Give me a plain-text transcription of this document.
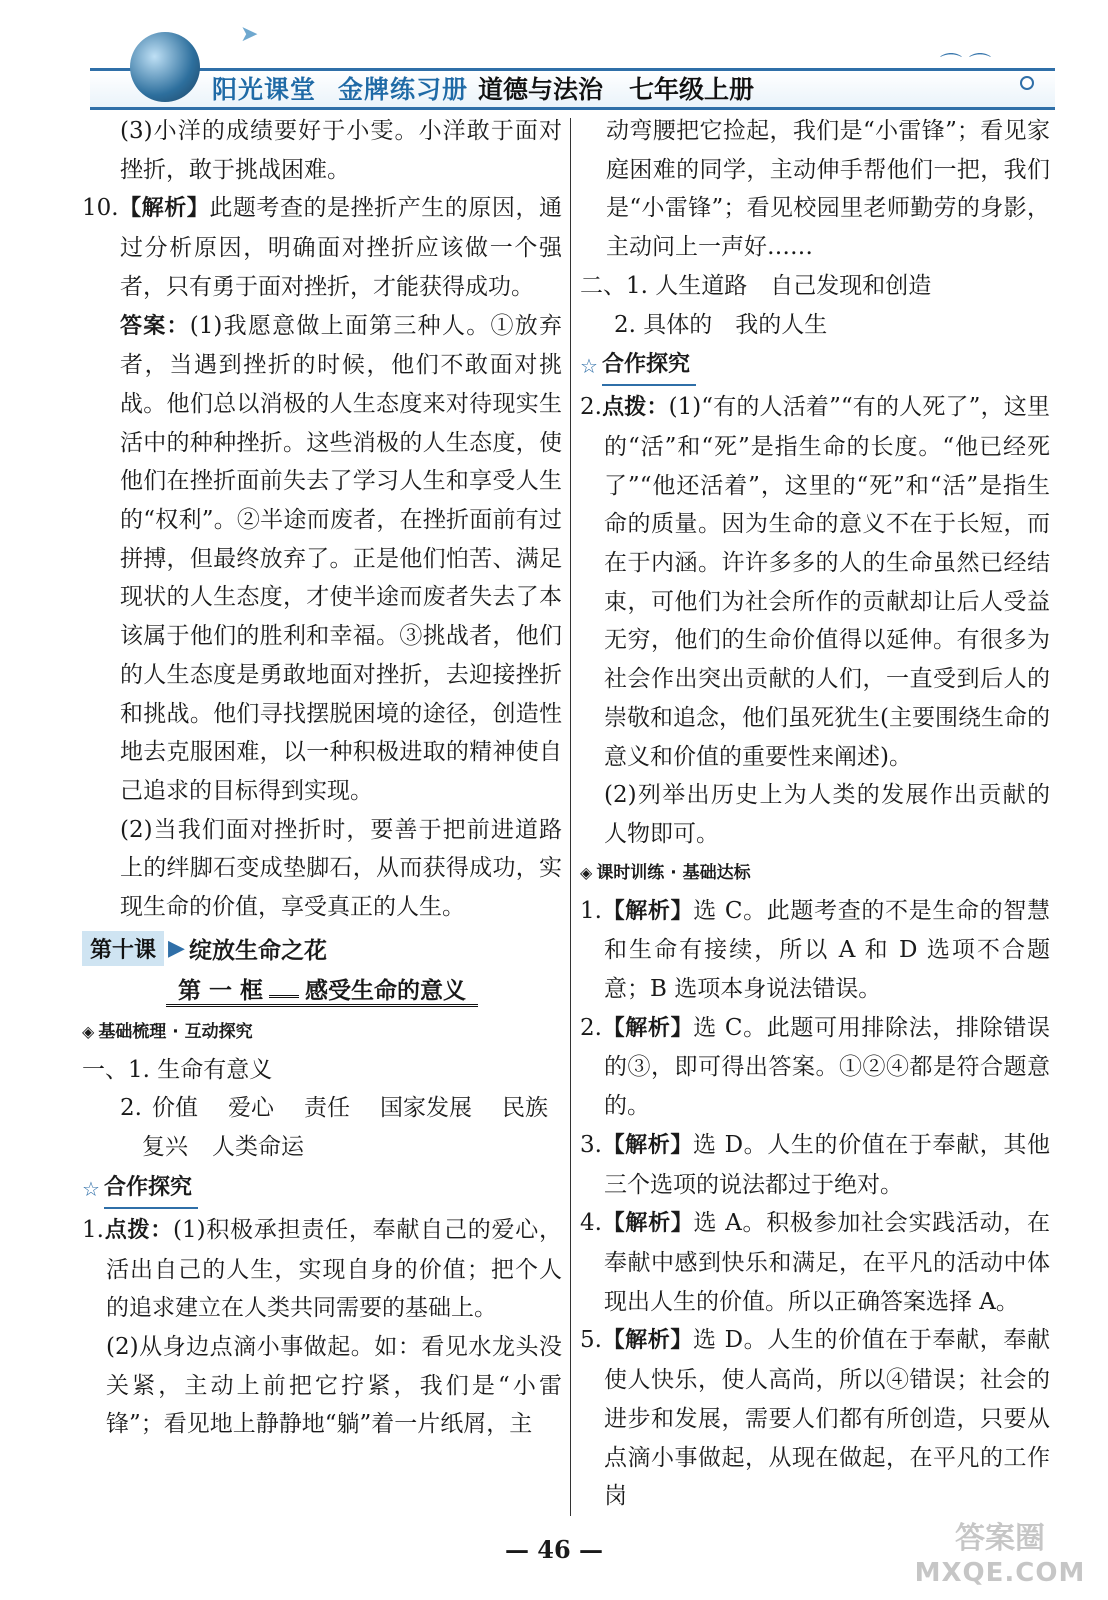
➤
阳光课堂 金牌练习册 道德与法治 七年级上册
⌒ ⌒

(3)小洋的成绩要好于小雯。小洋敢于面对挫折，敢于挑战困难。

10.【解析】此题考查的是挫折产生的原因，通过分析原因，明确面对挫折应该做一个强者，只有勇于面对挫折，才能获得成功。

答案：(1)我愿意做上面第三种人。①放弃者，当遇到挫折的时候，他们不敢面对挑战。他们总以消极的人生态度来对待现实生活中的种种挫折。这些消极的人生态度，使他们在挫折面前失去了学习人生和享受人生的“权利”。②半途而废者，在挫折面前有过拼搏，但最终放弃了。正是他们怕苦、满足现状的人生态度，才使半途而废者失去了本该属于他们的胜利和幸福。③挑战者，他们的人生态度是勇敢地面对挫折，去迎接挫折和挑战。他们寻找摆脱困境的途径，创造性地去克服困难，以一种积极进取的精神使自己追求的目标得到实现。

(2)当我们面对挫折时，要善于把前进道路上的绊脚石变成垫脚石，从而获得成功，实现生命的价值，享受真正的人生。

第十课 ▶ 绽放生命之花
第 一 框 感受生命的意义
◈ 基础梳理 · 互动探究

一、1. 生命有意义

2. 价值 爱心 责任 国家发展 民族

复兴 人类命运

☆ 合作探究

1.点拨：(1)积极承担责任，奉献自己的爱心，活出自己的人生，实现自身的价值；把个人的追求建立在人类共同需要的基础上。

(2)从身边点滴小事做起。如：看见水龙头没关紧，主动上前把它拧紧，我们是“小雷锋”；看见地上静静地“躺”着一片纸屑，主

动弯腰把它捡起，我们是“小雷锋”；看见家庭困难的同学，主动伸手帮他们一把，我们是“小雷锋”；看见校园里老师勤劳的身影，主动问上一声好……

二、1. 人生道路　自己发现和创造

2. 具体的　我的人生

☆ 合作探究

2.点拨：(1)“有的人活着”“有的人死了”，这里的“活”和“死”是指生命的长度。“他已经死了”“他还活着”，这里的“死”和“活”是指生命的质量。因为生命的意义不在于长短，而在于内涵。许许多多的人的生命虽然已经结束，可他们为社会所作的贡献却让后人受益无穷，他们的生命价值得以延伸。有很多为社会作出突出贡献的人们，一直受到后人的崇敬和追念，他们虽死犹生(主要围绕生命的意义和价值的重要性来阐述)。

(2)列举出历史上为人类的发展作出贡献的人物即可。

◈ 课时训练 · 基础达标

1.【解析】选 C。此题考查的不是生命的智慧和生命有接续，所以 A 和 D 选项不合题意；B 选项本身说法错误。

2.【解析】选 C。此题可用排除法，排除错误的③，即可得出答案。①②④都是符合题意的。

3.【解析】选 D。人生的价值在于奉献，其他三个选项的说法都过于绝对。

4.【解析】选 A。积极参加社会实践活动，在奉献中感到快乐和满足，在平凡的活动中体现出人生的价值。所以正确答案选择 A。

5.【解析】选 D。人生的价值在于奉献，奉献使人快乐，使人高尚，所以④错误；社会的进步和发展，需要人们都有所创造，只要从点滴小事做起，从现在做起，在平凡的工作岗

— 46 —	答案圈
MXQE.COM
